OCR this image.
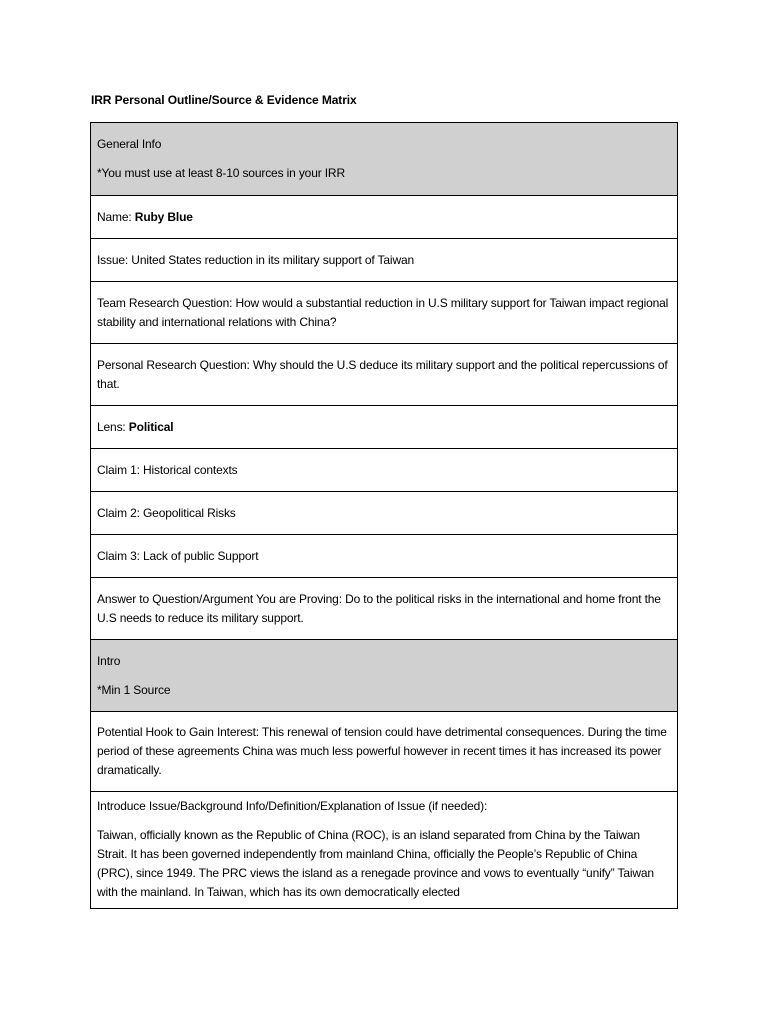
IRR Personal Outline/Source & Evidence Matrix

General Info

*You must use at least 8-10 sources in your IRR

Name: Ruby Blue
Issue: United States reduction in its military support of Taiwan
Team Research Question: How would a substantial reduction in U.S military support for Taiwan impact regional stability and international relations with China?
Personal Research Question: Why should the U.S deduce its military support and the political repercussions of that.
Lens: Political
Claim 1: Historical contexts
Claim 2: Geopolitical Risks
Claim 3: Lack of public Support
Answer to Question/Argument You are Proving: Do to the political risks in the international and home front the U.S needs to reduce its military support.

Intro

*Min 1 Source

Potential Hook to Gain Interest: This renewal of tension could have detrimental consequences. During the time period of these agreements China was much less powerful however in recent times it has increased its power dramatically.

Introduce Issue/Background Info/Definition/Explanation of Issue (if needed):

Taiwan, officially known as the Republic of China (ROC), is an island separated from China by the Taiwan Strait. It has been governed independently from mainland China, officially the People’s Republic of China (PRC), since 1949. The PRC views the island as a renegade province and vows to eventually “unify” Taiwan with the mainland. In Taiwan, which has its own democratically elected
